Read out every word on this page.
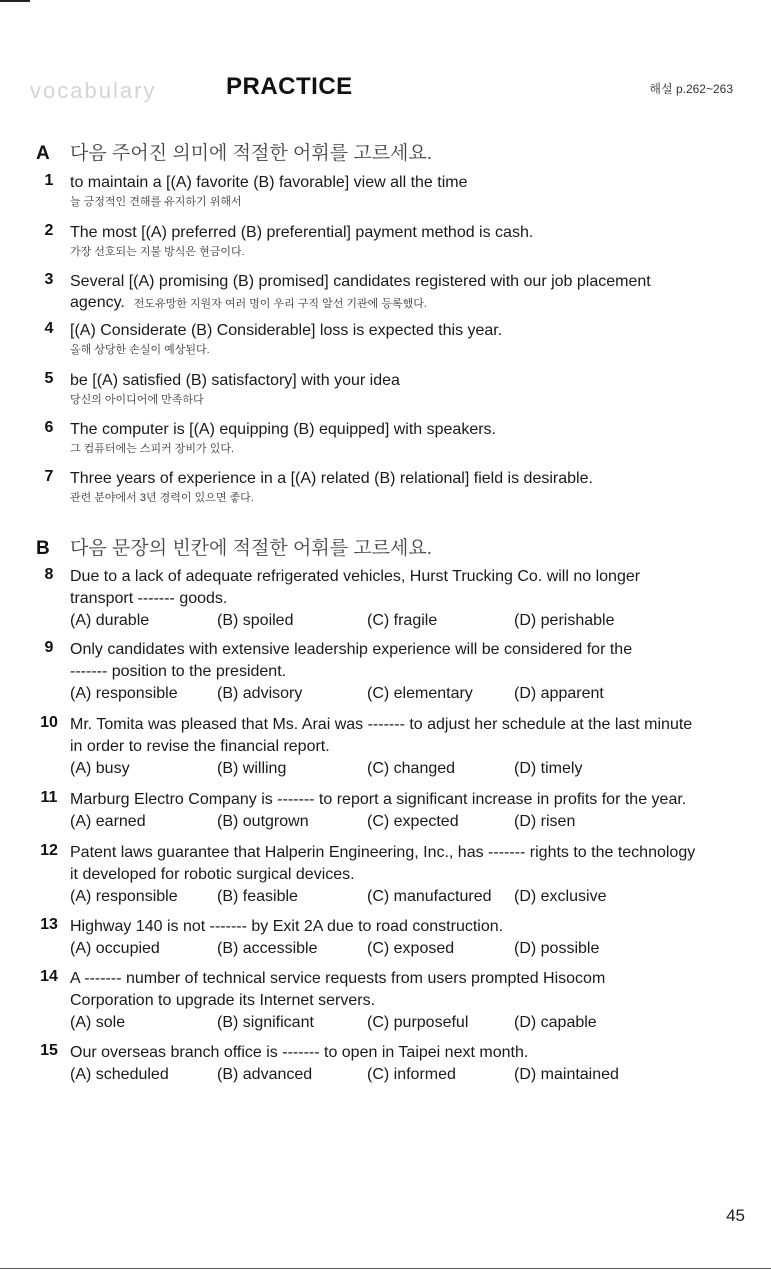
vocabulary	PRACTICE	해설 p.262~263
A 다음 주어진 의미에 적절한 어휘를 고르세요.
1	to maintain a [(A) favorite (B) favorable] view all the time
늘 긍정적인 견해를 유지하기 위해서
2	The most [(A) preferred (B) preferential] payment method is cash.
가장 선호되는 지불 방식은 현금이다.
3	Several [(A) promising (B) promised] candidates registered with our job placement
agency. 전도유망한 지원자 여러 명이 우리 구직 알선 기관에 등록했다.
4	[(A) Considerate (B) Considerable] loss is expected this year.
올해 상당한 손실이 예상된다.
5	be [(A) satisfied (B) satisfactory] with your idea
당신의 아이디어에 만족하다
6	The computer is [(A) equipping (B) equipped] with speakers.
그 컴퓨터에는 스피커 장비가 있다.
7	Three years of experience in a [(A) related (B) relational] field is desirable.
관련 분야에서 3년 경력이 있으면 좋다.
B 다음 문장의 빈칸에 적절한 어휘를 고르세요.
8	Due to a lack of adequate refrigerated vehicles, Hurst Trucking Co. will no longer
transport ------- goods.
(A) durable	(B) spoiled	(C) fragile	(D) perishable
9	Only candidates with extensive leadership experience will be considered for the
------- position to the president.
(A) responsible	(B) advisory	(C) elementary	(D) apparent
10 Mr. Tomita was pleased that Ms. Arai was ------- to adjust her schedule at the last minute
in order to revise the financial report.
(A) busy	(B) willing	(C) changed	(D) timely
11 Marburg Electro Company is ------- to report a significant increase in profits for the year.
(A) earned	(B) outgrown	(C) expected	(D) risen
12 Patent laws guarantee that Halperin Engineering, Inc., has ------- rights to the technology
it developed for robotic surgical devices.
(A) responsible	(B) feasible	(C) manufactured	(D) exclusive
13 Highway 140 is not ------- by Exit 2A due to road construction.
(A) occupied	(B) accessible	(C) exposed	(D) possible
14 A ------- number of technical service requests from users prompted Hisocom
Corporation to upgrade its Internet servers.
(A) sole	(B) significant	(C) purposeful	(D) capable
15 Our overseas branch office is ------- to open in Taipei next month.
(A) scheduled	(B) advanced	(C) informed	(D) maintained
45
